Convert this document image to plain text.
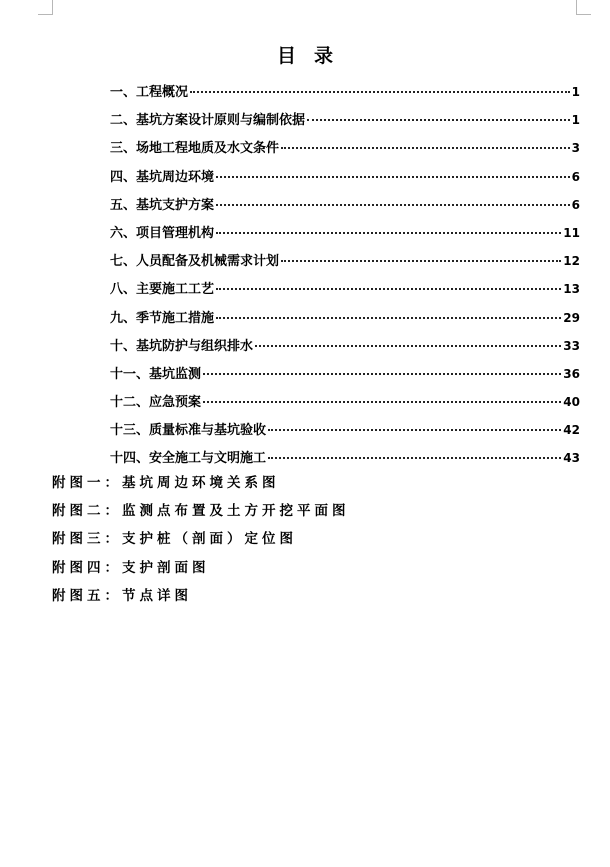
目录
一、工程概况	1
二、基坑方案设计原则与编制依据	1
三、场地工程地质及水文条件	3
四、基坑周边环境	6
五、基坑支护方案	6
六、项目管理机构	11
七、人员配备及机械需求计划	12
八、主要施工工艺	13
九、季节施工措施	29
十、基坑防护与组织排水	33
十一、基坑监测	36
十二、应急预案	40
十三、质量标准与基坑验收	42
十四、安全施工与文明施工	43
附图一：基坑周边环境关系图
附图二：监测点布置及土方开挖平面图
附图三：支护桩（剖面）定位图
附图四：支护剖面图
附图五：节点详图
